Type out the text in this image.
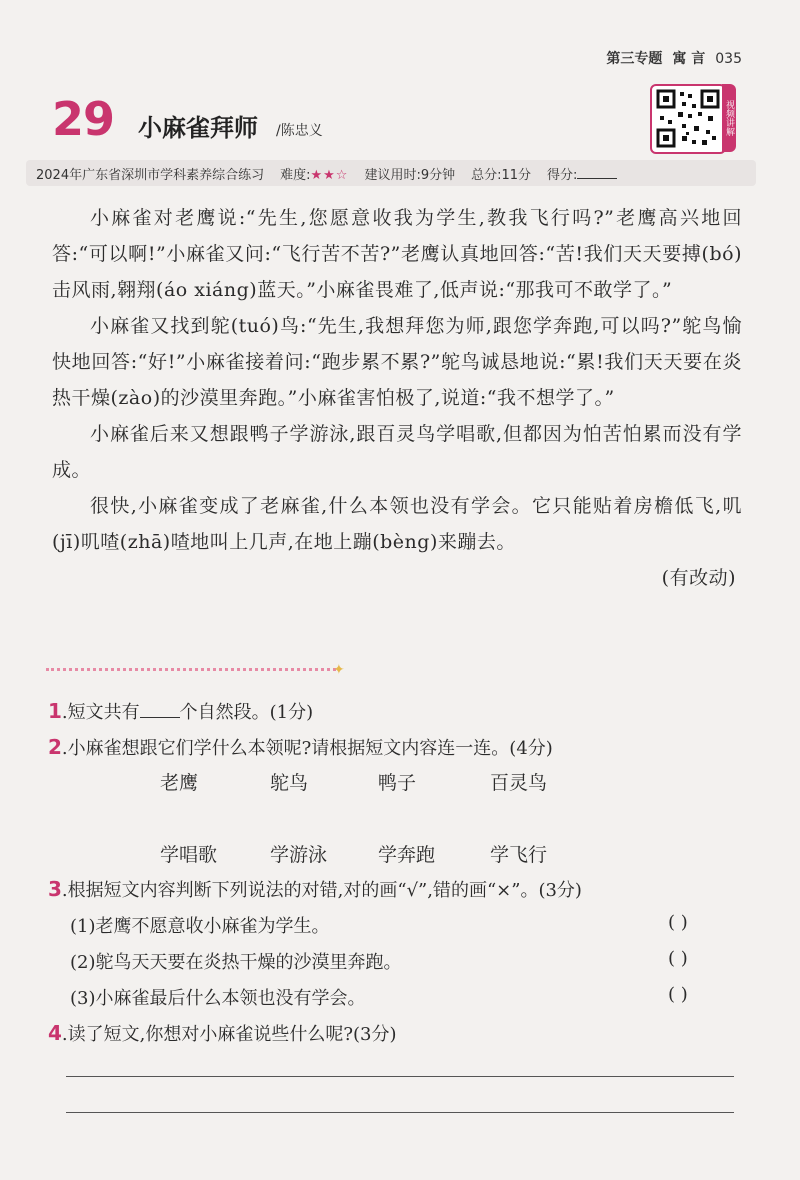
第三专题 寓 言 035
29 小麻雀拜师 /陈忠义	视频讲解
2024年广东省深圳市学科素养综合练习 难度:★★☆ 建议用时:9分钟 总分:11分 得分:

小麻雀对老鹰说:“先生,您愿意收我为学生,教我飞行吗?”老鹰高兴地回答:“可以啊!”小麻雀又问:“飞行苦不苦?”老鹰认真地回答:“苦!我们天天要搏(bó)击风雨,翱翔(áo xiáng)蓝天。”小麻雀畏难了,低声说:“那我可不敢学了。”

小麻雀又找到鸵(tuó)鸟:“先生,我想拜您为师,跟您学奔跑,可以吗?”鸵鸟愉快地回答:“好!”小麻雀接着问:“跑步累不累?”鸵鸟诚恳地说:“累!我们天天要在炎热干燥(zào)的沙漠里奔跑。”小麻雀害怕极了,说道:“我不想学了。”

小麻雀后来又想跟鸭子学游泳,跟百灵鸟学唱歌,但都因为怕苦怕累而没有学成。

很快,小麻雀变成了老麻雀,什么本领也没有学会。它只能贴着房檐低飞,叽(jī)叽喳(zhā)喳地叫上几声,在地上蹦(bèng)来蹦去。

(有改动)
✦
1.短文共有 个自然段。(1分)
2.小麻雀想跟它们学什么本领呢?请根据短文内容连一连。(4分)
老鹰	鸵鸟	鸭子	百灵鸟
学唱歌	学游泳	学奔跑	学飞行
3.根据短文内容判断下列说法的对错,对的画“√”,错的画“×”。(3分)
(1)老鹰不愿意收小麻雀为学生。	( )
(2)鸵鸟天天要在炎热干燥的沙漠里奔跑。	( )
(3)小麻雀最后什么本领也没有学会。	( )
4.读了短文,你想对小麻雀说些什么呢?(3分)
